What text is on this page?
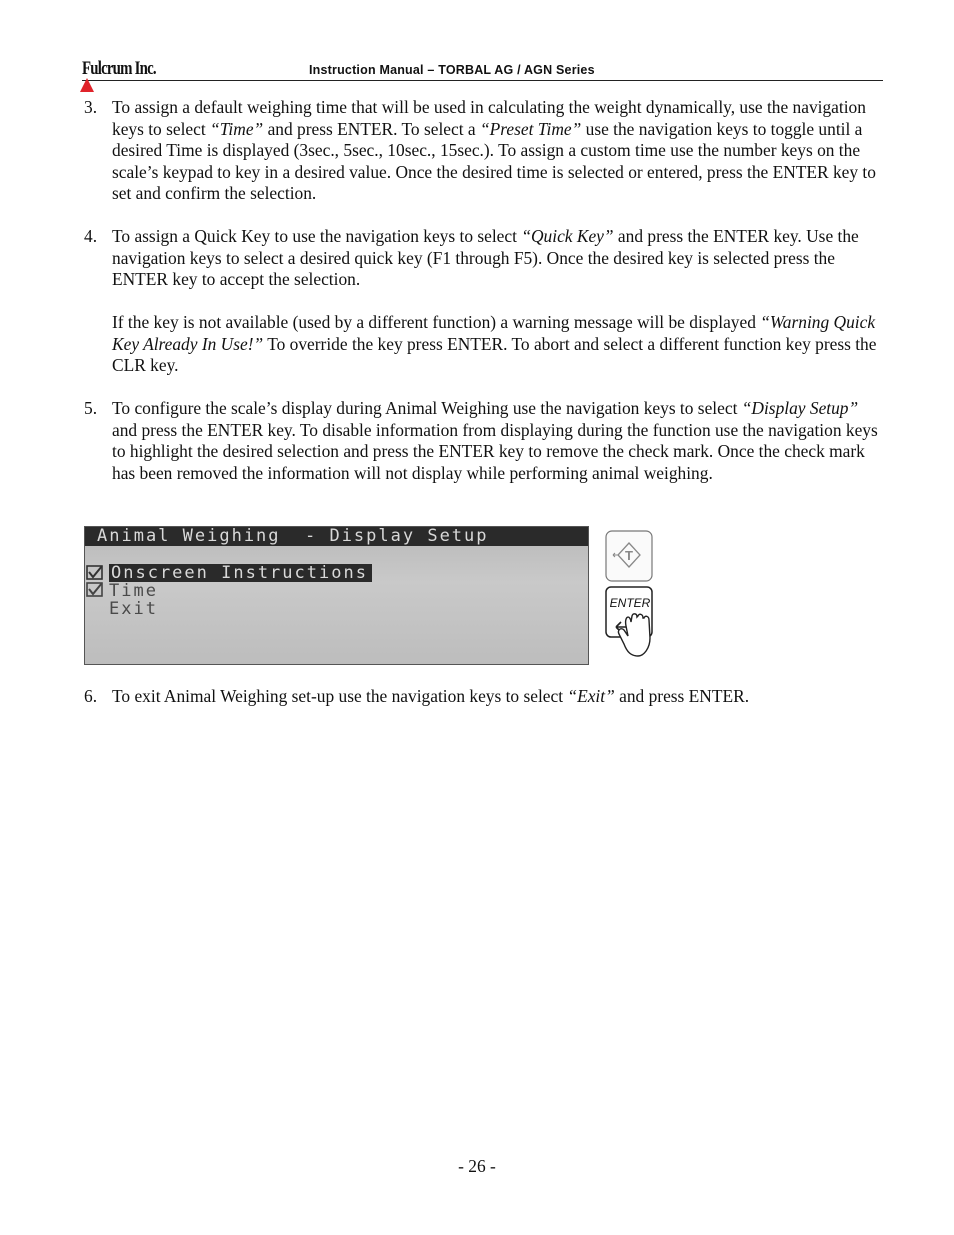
Fulcrum Inc.	Instruction Manual – TORBAL AG / AGN Series
3. To assign a default weighing time that will be used in calculating the weight dynamically, use the navigation keys to select “Time” and press ENTER. To select a “Preset Time” use the navigation keys to toggle until a desired Time is displayed (3sec., 5sec., 10sec., 15sec.). To assign a custom time use the number keys on the scale’s keypad to key in a desired value. Once the desired time is selected or entered, press the ENTER key to set and confirm the selection.
4. To assign a Quick Key to use the navigation keys to select “Quick Key” and press the ENTER key. Use the navigation keys to select a desired quick key (F1 through F5). Once the desired key is selected press the ENTER key to accept the selection.
If the key is not available (used by a different function) a warning message will be displayed “Warning Quick Key Already In Use!” To override the key press ENTER. To abort and select a different function key press the CLR key.
5. To configure the scale’s display during Animal Weighing use the navigation keys to select “Display Setup” and press the ENTER key. To disable information from displaying during the function use the navigation keys to highlight the desired selection and press the ENTER key to remove the check mark. Once the check mark has been removed the information will not display while performing animal weighing.
Animal Weighing  - Display Setup
Onscreen Instructions
Time
Exit
T
ENTER
6. To exit Animal Weighing set-up use the navigation keys to select “Exit” and press ENTER.
- 26 -
